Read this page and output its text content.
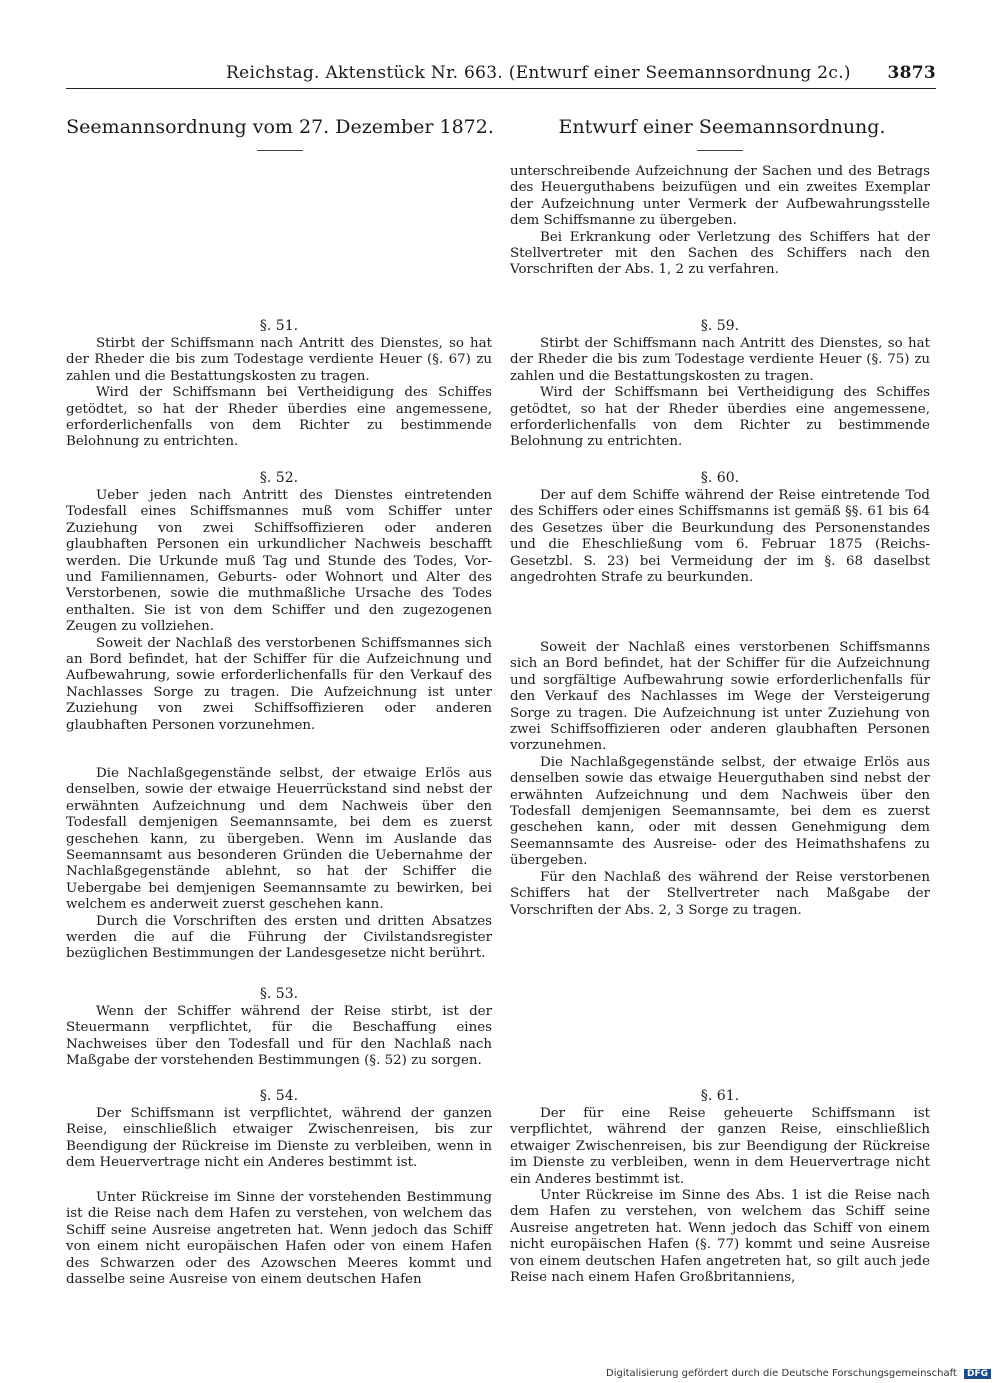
Reichstag. Aktenstück Nr. 663. (Entwurf einer Seemannsordnung 2c.) 3873
Seemannsordnung vom 27. Dezember 1872.	Entwurf einer Seemannsordnung.

unterschreibende Aufzeichnung der Sachen und des Betrags des Heuerguthabens beizufügen und ein zweites Exemplar der Aufzeichnung unter Vermerk der Aufbewahrungsstelle dem Schiffsmanne zu übergeben.

Bei Erkrankung oder Verletzung des Schiffers hat der Stellvertreter mit den Sachen des Schiffers nach den Vorschriften der Abs. 1, 2 zu verfahren.

§. 51.

Stirbt der Schiffsmann nach Antritt des Dienstes, so hat der Rheder die bis zum Todestage verdiente Heuer (§. 67) zu zahlen und die Bestattungskosten zu tragen.

Wird der Schiffsmann bei Vertheidigung des Schiffes getödtet, so hat der Rheder überdies eine angemessene, erforderlichenfalls von dem Richter zu bestimmende Belohnung zu entrichten.

§. 59.

Stirbt der Schiffsmann nach Antritt des Dienstes, so hat der Rheder die bis zum Todestage verdiente Heuer (§. 75) zu zahlen und die Bestattungskosten zu tragen.

Wird der Schiffsmann bei Vertheidigung des Schiffes getödtet, so hat der Rheder überdies eine angemessene, erforderlichenfalls von dem Richter zu bestimmende Belohnung zu entrichten.

§. 52.

Ueber jeden nach Antritt des Dienstes eintretenden Todesfall eines Schiffsmannes muß vom Schiffer unter Zuziehung von zwei Schiffsoffizieren oder anderen glaubhaften Personen ein urkundlicher Nachweis beschafft werden. Die Urkunde muß Tag und Stunde des Todes, Vor- und Familiennamen, Geburts- oder Wohnort und Alter des Verstorbenen, sowie die muthmaßliche Ursache des Todes enthalten. Sie ist von dem Schiffer und den zugezogenen Zeugen zu vollziehen.

Soweit der Nachlaß des verstorbenen Schiffsmannes sich an Bord befindet, hat der Schiffer für die Aufzeichnung und Aufbewahrung, sowie erforderlichenfalls für den Verkauf des Nachlasses Sorge zu tragen. Die Aufzeichnung ist unter Zuziehung von zwei Schiffsoffizieren oder anderen glaubhaften Personen vorzunehmen.

Die Nachlaßgegenstände selbst, der etwaige Erlös aus denselben, sowie der etwaige Heuerrückstand sind nebst der erwähnten Aufzeichnung und dem Nachweis über den Todesfall demjenigen Seemannsamte, bei dem es zuerst geschehen kann, zu übergeben. Wenn im Auslande das Seemannsamt aus besonderen Gründen die Uebernahme der Nachlaßgegenstände ablehnt, so hat der Schiffer die Uebergabe bei demjenigen Seemannsamte zu bewirken, bei welchem es anderweit zuerst geschehen kann.

Durch die Vorschriften des ersten und dritten Absatzes werden die auf die Führung der Civilstandsregister bezüglichen Bestimmungen der Landesgesetze nicht berührt.

§. 60.

Der auf dem Schiffe während der Reise eintretende Tod des Schiffers oder eines Schiffsmanns ist gemäß §§. 61 bis 64 des Gesetzes über die Beurkundung des Personenstandes und die Eheschließung vom 6. Februar 1875 (Reichs-Gesetzbl. S. 23) bei Vermeidung der im §. 68 daselbst angedrohten Strafe zu beurkunden.

Soweit der Nachlaß eines verstorbenen Schiffsmanns sich an Bord befindet, hat der Schiffer für die Aufzeichnung und sorgfältige Aufbewahrung sowie erforderlichenfalls für den Verkauf des Nachlasses im Wege der Versteigerung Sorge zu tragen. Die Aufzeichnung ist unter Zuziehung von zwei Schiffsoffizieren oder anderen glaubhaften Personen vorzunehmen.

Die Nachlaßgegenstände selbst, der etwaige Erlös aus denselben sowie das etwaige Heuerguthaben sind nebst der erwähnten Aufzeichnung und dem Nachweis über den Todesfall demjenigen Seemannsamte, bei dem es zuerst geschehen kann, oder mit dessen Genehmigung dem Seemannsamte des Ausreise- oder des Heimathshafens zu übergeben.

Für den Nachlaß des während der Reise verstorbenen Schiffers hat der Stellvertreter nach Maßgabe der Vorschriften der Abs. 2, 3 Sorge zu tragen.

§. 53.

Wenn der Schiffer während der Reise stirbt, ist der Steuermann verpflichtet, für die Beschaffung eines Nachweises über den Todesfall und für den Nachlaß nach Maßgabe der vorstehenden Bestimmungen (§. 52) zu sorgen.

§. 54.

Der Schiffsmann ist verpflichtet, während der ganzen Reise, einschließlich etwaiger Zwischenreisen, bis zur Beendigung der Rückreise im Dienste zu verbleiben, wenn in dem Heuervertrage nicht ein Anderes bestimmt ist.

Unter Rückreise im Sinne der vorstehenden Bestimmung ist die Reise nach dem Hafen zu verstehen, von welchem das Schiff seine Ausreise angetreten hat. Wenn jedoch das Schiff von einem nicht europäischen Hafen oder von einem Hafen des Schwarzen oder des Azowschen Meeres kommt und dasselbe seine Ausreise von einem deutschen Hafen

§. 61.

Der für eine Reise geheuerte Schiffsmann ist verpflichtet, während der ganzen Reise, einschließlich etwaiger Zwischenreisen, bis zur Beendigung der Rückreise im Dienste zu verbleiben, wenn in dem Heuervertrage nicht ein Anderes bestimmt ist.

Unter Rückreise im Sinne des Abs. 1 ist die Reise nach dem Hafen zu verstehen, von welchem das Schiff seine Ausreise angetreten hat. Wenn jedoch das Schiff von einem nicht europäischen Hafen (§. 77) kommt und seine Ausreise von einem deutschen Hafen angetreten hat, so gilt auch jede Reise nach einem Hafen Großbritanniens,

Digitalisierung gefördert durch die Deutsche Forschungsgemeinschaft DFG
